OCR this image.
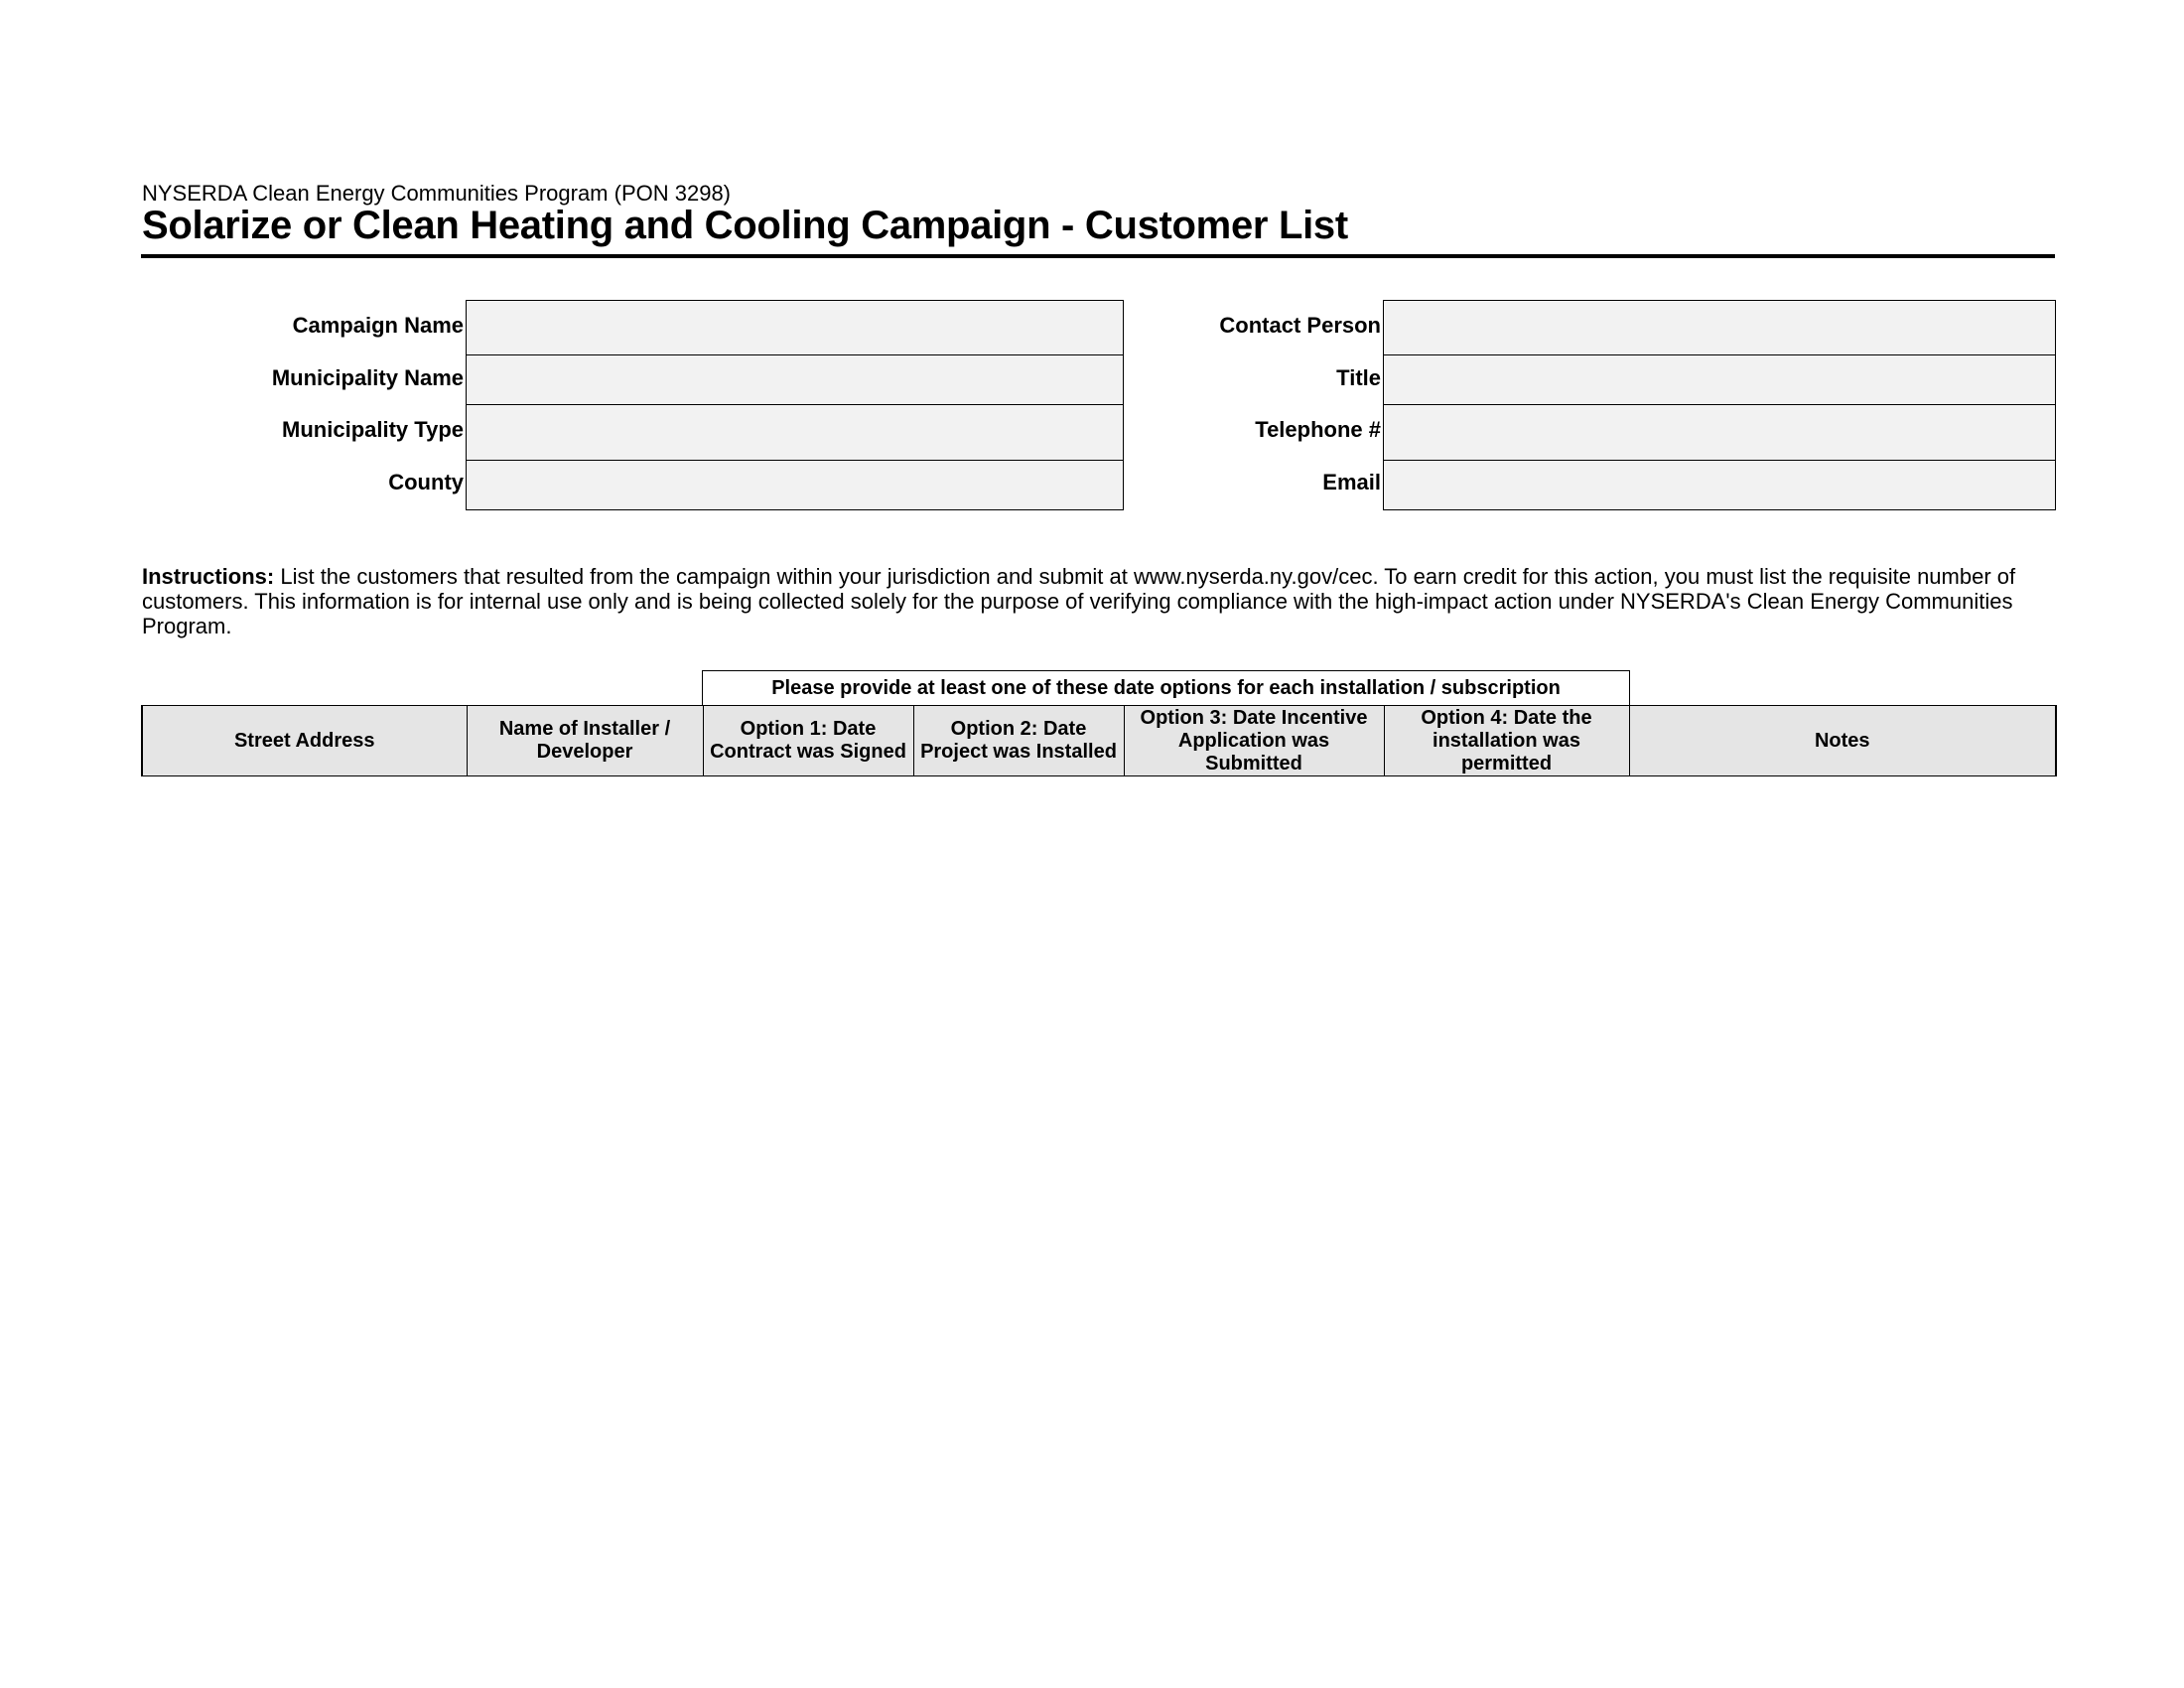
NYSERDA Clean Energy Communities Program (PON 3298)
Solarize or Clean Heating and Cooling Campaign - Customer List
Campaign Name
Municipality Name
Municipality Type
County
Contact Person
Title
Telephone #
Email
Instructions: List the customers that resulted from the campaign within your jurisdiction and submit at www.nyserda.ny.gov/cec. To earn credit for this action, you must list the requisite number of customers. This information is for internal use only and is being collected solely for the purpose of verifying compliance with the high-impact action under NYSERDA's Clean Energy Communities Program.
Please provide at least one of these date options for each installation / subscription
Street Address	Name of Installer / Developer	Option 1: Date Contract was Signed	Option 2: Date Project was Installed	Option 3: Date Incentive Application was Submitted	Option 4: Date the installation was permitted	Notes
